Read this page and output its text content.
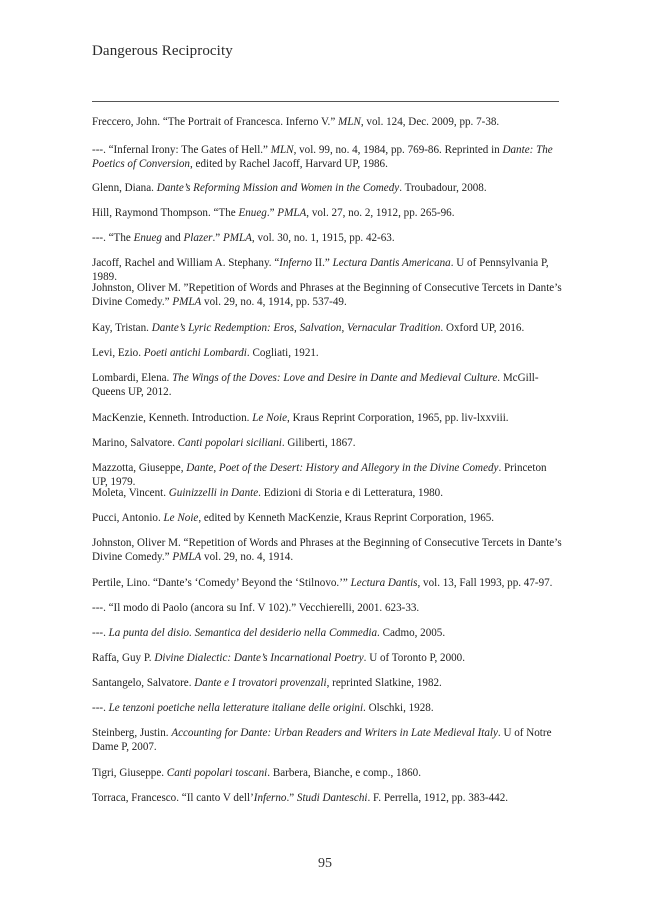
Dangerous Reciprocity
Freccero, John. “The Portrait of Francesca. Inferno V.” MLN, vol. 124, Dec. 2009, pp. 7-38.
---. “Infernal Irony: The Gates of Hell.” MLN, vol. 99, no. 4, 1984, pp. 769-86. Reprinted in Dante: The Poetics of Conversion, edited by Rachel Jacoff, Harvard UP, 1986.
Glenn, Diana. Dante’s Reforming Mission and Women in the Comedy. Troubadour, 2008.
Hill, Raymond Thompson. “The Enueg.” PMLA, vol. 27, no. 2, 1912, pp. 265-96.
---. “The Enueg and Plazer.” PMLA, vol. 30, no. 1, 1915, pp. 42-63.
Jacoff, Rachel and William A. Stephany. “Inferno II.” Lectura Dantis Americana. U of Pennsylvania P, 1989.
Johnston, Oliver M. ”Repetition of Words and Phrases at the Beginning of Consecutive Tercets in Dante’s Divine Comedy.” PMLA vol. 29, no. 4, 1914, pp. 537-49.
Kay, Tristan. Dante’s Lyric Redemption: Eros, Salvation, Vernacular Tradition. Oxford UP, 2016.
Levi, Ezio. Poeti antichi Lombardi. Cogliati, 1921.
Lombardi, Elena. The Wings of the Doves: Love and Desire in Dante and Medieval Culture. McGill-Queens UP, 2012.
MacKenzie, Kenneth. Introduction. Le Noie, Kraus Reprint Corporation, 1965, pp. liv-lxxviii.
Marino, Salvatore. Canti popolari siciliani. Giliberti, 1867.
Mazzotta, Giuseppe, Dante, Poet of the Desert: History and Allegory in the Divine Comedy. Princeton UP, 1979.
Moleta, Vincent. Guinizzelli in Dante. Edizioni di Storia e di Letteratura, 1980.
Pucci, Antonio. Le Noie, edited by Kenneth MacKenzie, Kraus Reprint Corporation, 1965.
Johnston, Oliver M. “Repetition of Words and Phrases at the Beginning of Consecutive Tercets in Dante’s Divine Comedy.” PMLA vol. 29, no. 4, 1914.
Pertile, Lino. “Dante’s ‘Comedy’ Beyond the ‘Stilnovo.’” Lectura Dantis, vol. 13, Fall 1993, pp. 47-97.
---. “Il modo di Paolo (ancora su Inf. V 102).” Vecchierelli, 2001. 623-33.
---. La punta del disio. Semantica del desiderio nella Commedia. Cadmo, 2005.
Raffa, Guy P. Divine Dialectic: Dante’s Incarnational Poetry. U of Toronto P, 2000.
Santangelo, Salvatore. Dante e I trovatori provenzali, reprinted Slatkine, 1982.
---. Le tenzoni poetiche nella letterature italiane delle origini. Olschki, 1928.
Steinberg, Justin. Accounting for Dante: Urban Readers and Writers in Late Medieval Italy. U of Notre Dame P, 2007.
Tigri, Giuseppe. Canti popolari toscani. Barbera, Bianche, e comp., 1860.
Torraca, Francesco. “Il canto V dell’Inferno.” Studi Danteschi. F. Perrella, 1912, pp. 383-442.
95
